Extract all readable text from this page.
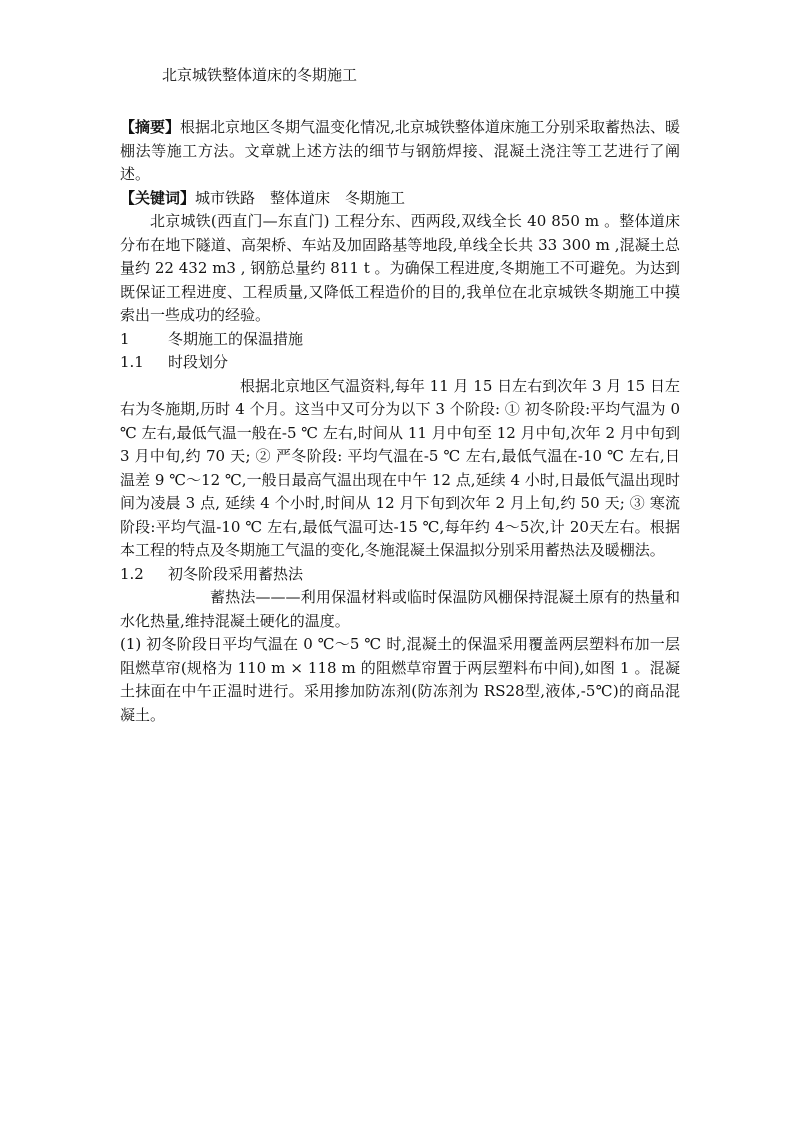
北京城铁整体道床的冬期施工

【摘要】根据北京地区冬期气温变化情况,北京城铁整体道床施工分别采取蓄热法、暖棚法等施工方法。文章就上述方法的细节与钢筋焊接、混凝土浇注等工艺进行了阐述。

【关键词】城市铁路　整体道床　冬期施工

北京城铁(西直门—东直门) 工程分东、西两段,双线全长 40 850 m 。整体道床分布在地下隧道、高架桥、车站及加固路基等地段,单线全长共 33 300 m ,混凝土总量约 22 432 m3 , 钢筋总量约 811 t 。为确保工程进度,冬期施工不可避免。为达到既保证工程进度、工程质量,又降低工程造价的目的,我单位在北京城铁冬期施工中摸索出一些成功的经验。

1	冬期施工的保温措施

1.1 时段划分

根据北京地区气温资料,每年 11 月 15 日左右到次年 3 月 15 日左右为冬施期,历时 4 个月。这当中又可分为以下 3 个阶段: ① 初冬阶段:平均气温为 0 ℃ 左右,最低气温一般在-5 ℃ 左右,时间从 11 月中旬至 12 月中旬,次年 2 月中旬到 3 月中旬,约 70 天; ② 严冬阶段: 平均气温在-5 ℃ 左右,最低气温在-10 ℃ 左右,日温差 9 ℃～12 ℃,一般日最高气温出现在中午 12 点,延续 4 小时,日最低气温出现时间为凌晨 3 点, 延续 4 个小时,时间从 12 月下旬到次年 2 月上旬,约 50 天; ③ 寒流阶段:平均气温-10 ℃ 左右,最低气温可达-15 ℃,每年约 4～5次,计 20天左右。根据本工程的特点及冬期施工气温的变化,冬施混凝土保温拟分别采用蓄热法及暖棚法。

1.2 初冬阶段采用蓄热法

蓄热法———利用保温材料或临时保温防风棚保持混凝土原有的热量和水化热量,维持混凝土硬化的温度。

(1) 初冬阶段日平均气温在 0 ℃～5 ℃ 时,混凝土的保温采用覆盖两层塑料布加一层阻燃草帘(规格为 110 m × 118 m 的阻燃草帘置于两层塑料布中间),如图 1 。混凝土抹面在中午正温时进行。采用掺加防冻剂(防冻剂为 RS28型,液体,-5℃)的商品混凝土。
